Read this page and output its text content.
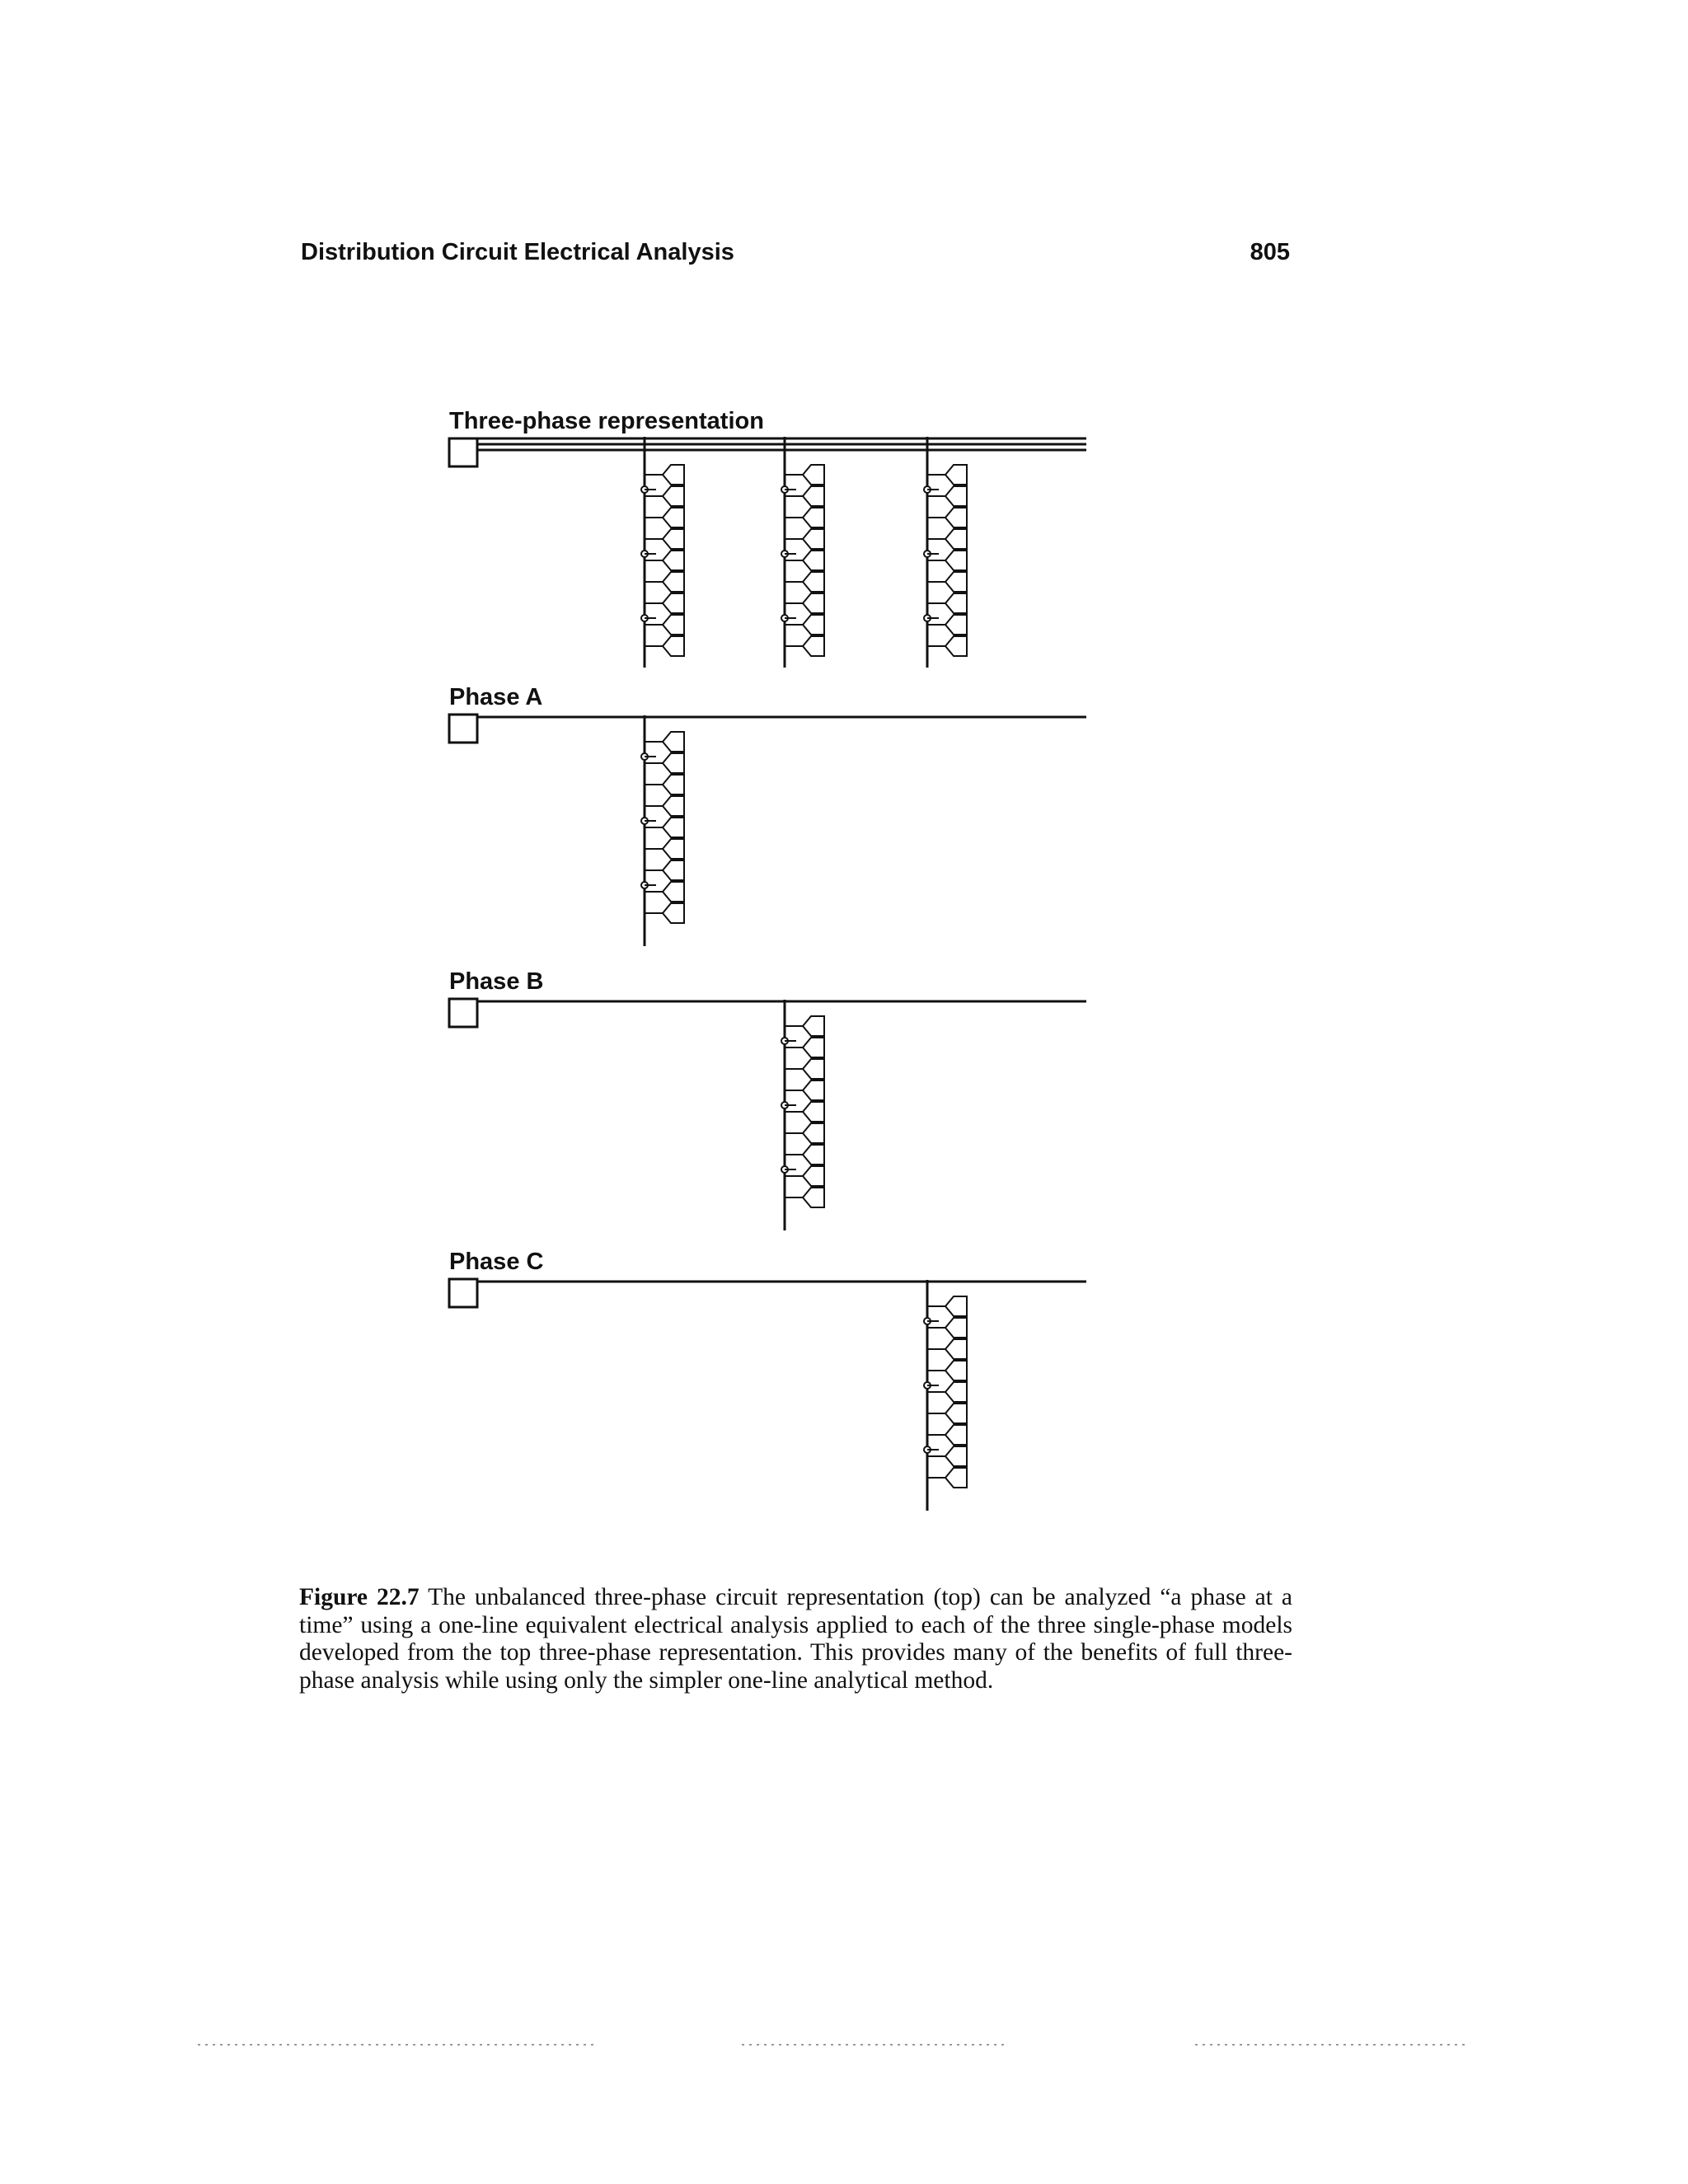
Distribution Circuit Electrical Analysis	805
Three-phase representation
Phase A
Phase B
Phase C
Figure 22.7 The unbalanced three-phase circuit representation (top) can be analyzed “a phase at a time” using a one-line equivalent electrical analysis applied to each of the three single-phase models developed from the top three-phase representation. This provides many of the benefits of full three-phase analysis while using only the simpler one-line analytical method.
